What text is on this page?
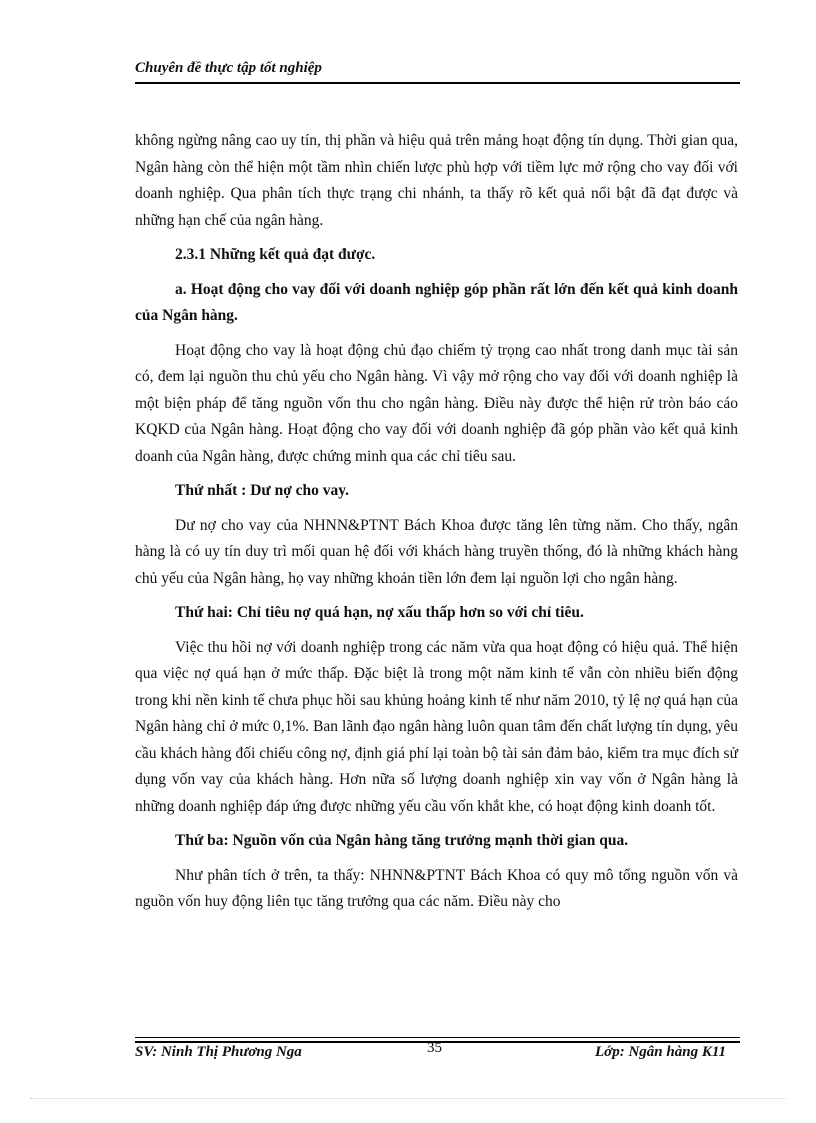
Chuyên đề thực tập tốt nghiệp

không ngừng nâng cao uy tín, thị phần và hiệu quả trên mảng hoạt động tín dụng. Thời gian qua, Ngân hàng còn thể hiện một tầm nhìn chiến lược phù hợp với tiềm lực mở rộng cho vay đối với doanh nghiệp. Qua phân tích thực trạng chi nhánh, ta thấy rõ kết quả nổi bật đã đạt được và những hạn chế của ngân hàng.

2.3.1 Những kết quả đạt được.

a. Hoạt động cho vay đối với doanh nghiệp góp phần rất lớn đến kết quả kinh doanh của Ngân hàng.

Hoạt động cho vay là hoạt động chủ đạo chiếm tỷ trọng cao nhất trong danh mục tài sản có, đem lại nguồn thu chủ yếu cho Ngân hàng. Vì vậy mở rộng cho vay đối với doanh nghiệp là một biện pháp để tăng nguồn vốn thu cho ngân hàng. Điều này được thể hiện rử tròn báo cáo KQKD của Ngân hàng. Hoạt động cho vay đối với doanh nghiệp đã góp phần vào kết quả kinh doanh của Ngân hàng, được chứng minh qua các chỉ tiêu sau.

Thứ nhất : Dư nợ cho vay.

Dư nợ cho vay của NHNN&PTNT Bách Khoa được tăng lên từng năm. Cho thấy, ngân hàng là có uy tín duy trì mối quan hệ đối với khách hàng truyền thống, đó là những khách hàng chủ yếu của Ngân hàng, họ vay những khoản tiền lớn đem lại nguồn lợi cho ngân hàng.

Thứ hai: Chỉ tiêu nợ quá hạn, nợ xấu thấp hơn so với chỉ tiêu.

Việc thu hồi nợ với doanh nghiệp trong các năm vừa qua hoạt động có hiệu quả. Thể hiện qua việc nợ quá hạn ở mức thấp. Đặc biệt là trong một năm kinh tế vẫn còn nhiều biến động trong khi nền kinh tế chưa phục hồi sau khủng hoảng kinh tế như năm 2010, tỷ lệ nợ quá hạn của Ngân hàng chỉ ở mức 0,1%. Ban lãnh đạo ngân hàng luôn quan tâm đến chất lượng tín dụng, yêu cầu khách hàng đối chiếu công nợ, định giá phí lại toàn bộ tài sản đảm bảo, kiểm tra mục đích sử dụng vốn vay của khách hàng. Hơn nữa số lượng doanh nghiệp xin vay vốn ở Ngân hàng là những doanh nghiệp đáp ứng được những yếu cầu vốn khắt khe, có hoạt động kinh doanh tốt.

Thứ ba: Nguồn vốn của Ngân hàng tăng trưởng mạnh thời gian qua.

Như phân tích ở trên, ta thấy: NHNN&PTNT Bách Khoa có quy mô tổng nguồn vốn và nguồn vốn huy động liên tục tăng trưởng qua các năm. Điều này cho

SV: Ninh Thị Phương Nga	35	Lớp: Ngân hàng K11
